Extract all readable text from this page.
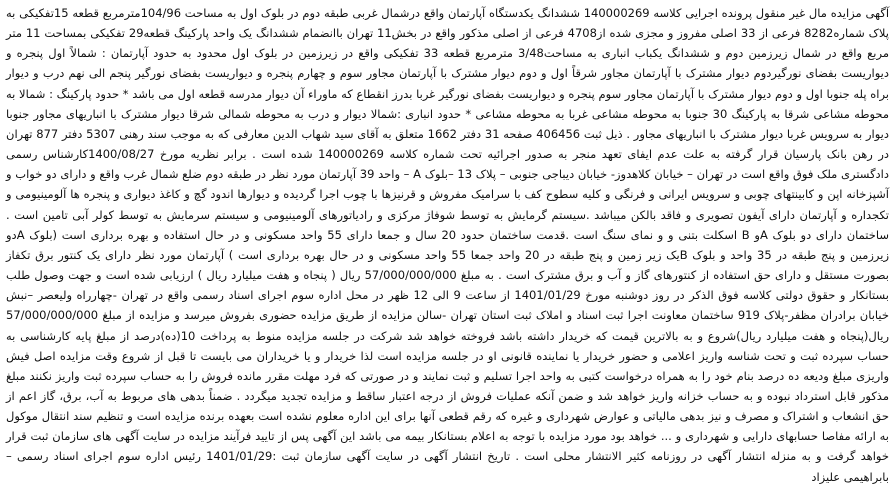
آگهی مزایده مال غیر منقول پرونده اجرایی کلاسه 140000269 ششدانگ یکدستگاه آپارتمان واقع درشمال غربی طبقه دوم در بلوک اول به مساحت 104/96مترمربع قطعه 15تفکیکی به پلاک شماره8282 فرعی از 33 اصلی مفروز و مجزی شده از4708 فرعی از اصلی مذکور واقع در بخش11 تهران باانضمام ششدانگ یک واحد پارکینگ قطعه29 تفکیکی بمساحت 11 متر مربع واقع در شمال زیرزمین دوم و ششدانگ یکباب انباری به مساحت3/48 مترمربع قطعه 33 تفکیکی واقع در زیرزمین در بلوک اول محدود به حدود آپارتمان : شمالاً اول پنجره و دیواریست بفضای نورگیردوم دیوار مشترک با آپارتمان مجاور شرقاً اول و دوم دیوار مشترک با آپارتمان مجاور سوم و چهارم پنجره و دیواریست بفضای نورگیر پنجم الی نهم درب و دیوار براه پله جنوبا اول و دوم دیوار مشترک با آپارتمان مجاور سوم پنجره و دیواریست بفضای نورگیر غربا بدرز انقطاع که ماوراء آن دیوار مدرسه قطعه اول می باشد * حدود پارکینگ : شمالا به محوطه مشاعی شرقا به پارکینگ 30 جنوبا به محوطه مشاعی غربا به محوطه مشاعی * حدود انباری :شمالا دیوار و درب به محوطه شمالی شرقا دیوار مشترک با انباریهای مجاور جنوبا دیوار به سرویس غربا دیوار مشترک با انباریهای مجاور . ذیل ثبت 406456 صفحه 31 دفتر 1662 متعلق به آقای سید شهاب الدین معارفی که به موجب سند رهنی 5307 دفتر 877 تهران در رهن بانک پارسیان قرار گرفته به علت عدم ایفای تعهد منجر به صدور اجرائیه تحت شماره کلاسه 140000269 شده است . برابر نظریه مورخ 1400/08/27کارشناس رسمی دادگستری ملک فوق واقع است در تهران – خیابان کلاهدوز- خیابان دیباجی جنوبی – پلاک 13 –بلوک A – واحد 39 آپارتمان مورد نظر در طبقه دوم ضلع شمال غرب واقع و دارای دو خواب و آشپزخانه اپن و کابینتهای چوبی و سرویس ایرانی و فرنگی و کلیه سطوح کف با سرامیک مفروش و قرنیزها با چوب اجرا گردیده و دیوارها اندود گچ و کاغذ دیواری و پنجره ها آلومینیومی و تکجداره و آپارتمان دارای آیفون تصویری و فاقد بالکن میباشد .سیستم گرمایش به توسط شوفاژ مرکزی و رادیاتورهای آلومینیومی و سیستم سرمایش به توسط کولر آبی تامین است . ساختمان دارای دو بلوک Aو B اسکلت بتنی و و نمای سنگ است .قدمت ساختمان حدود 20 سال و جمعا دارای 55 واحد مسکونی و در حال استفاده و بهره برداری است (بلوک Aدو زیرزمین و پنج طبقه در 35 واحد و بلوک Bیک زیر زمین و پنج طبقه در 20 واحد جمعا 55 واحد مسکونی و در حال بهره برداری است ) آپارتمان مورد نظر دارای یک کنتور برق تکفاز بصورت مستقل و دارای حق استفاده از کنتورهای گاز و آب و برق مشترک است . به مبلغ 57/000/000/000 ریال ( پنجاه و هفت میلیارد ریال ) ارزیابی شده است و جهت وصول طلب بستانکار و حقوق دولتی کلاسه فوق الذکر در روز دوشنبه مورخ 1401/01/29 از ساعت 9 الی 12 ظهر در محل اداره سوم اجرای اسناد رسمی واقع در تهران -چهارراه ولیعصر –نبش خیابان برادران مظفر-پلاک 919 ساختمان معاونت اجرا ثبت اسناد و املاک ثبت استان تهران -سالن مزایده از طریق مزایده حضوری بفروش میرسد و مزایده از مبلغ 57/000/000/000 ریال(پنجاه و هفت میلیارد ریال)شروع و به بالاترین قیمت که خریدار داشته باشد فروخته خواهد شد شرکت در جلسه مزایده منوط به پرداخت 10(ده)درصد از مبلغ پایه کارشناسی به حساب سپرده ثبت و تحت شناسه واریز اعلامی و حضور خریدار یا نماینده قانونی او در جلسه مزایده است لذا خریدار و یا خریداران می بایست تا قبل از شروع وقت مزایده اصل فیش واریزی مبلغ ودیعه ده درصد بنام خود را به همراه درخواست کتبی به واحد اجرا تسلیم و ثبت نمایند و در صورتی که فرد مهلت مقرر مانده فروش را به حساب سپرده ثبت واریز نکنند مبلغ مذکور قابل استرداد نبوده و به حساب خزانه واریز خواهد شد و ضمن آنکه عملیات فروش از درجه اعتبار ساقط و مزایده تجدید میگردد . ضمناً بدهی های مربوط به آب، برق، گاز اعم از حق انشعاب و اشتراک و مصرف و نیز بدهی مالیاتی و عوارض شهرداری و غیره که رقم قطعی آنها برای این اداره معلوم نشده است بعهده برنده مزایده است و تنظیم سند انتقال موکول به ارائه مفاصا حسابهای دارایی و شهرداری و ... خواهد بود مورد مزایده با توجه به اعلام بستانکار بیمه می باشد این آگهی پس از تایید فرآیند مزایده در سایت آگهی های سازمان ثبت قرار خواهد گرفت و به منزله انتشار آگهی در روزنامه کثیر الانتشار محلی است . تاریخ انتشار آگهی در سایت آگهی سازمان ثبت :1401/01/29 رئیس اداره سوم اجرای اسناد رسمی – بابراهیمی علیزاد
